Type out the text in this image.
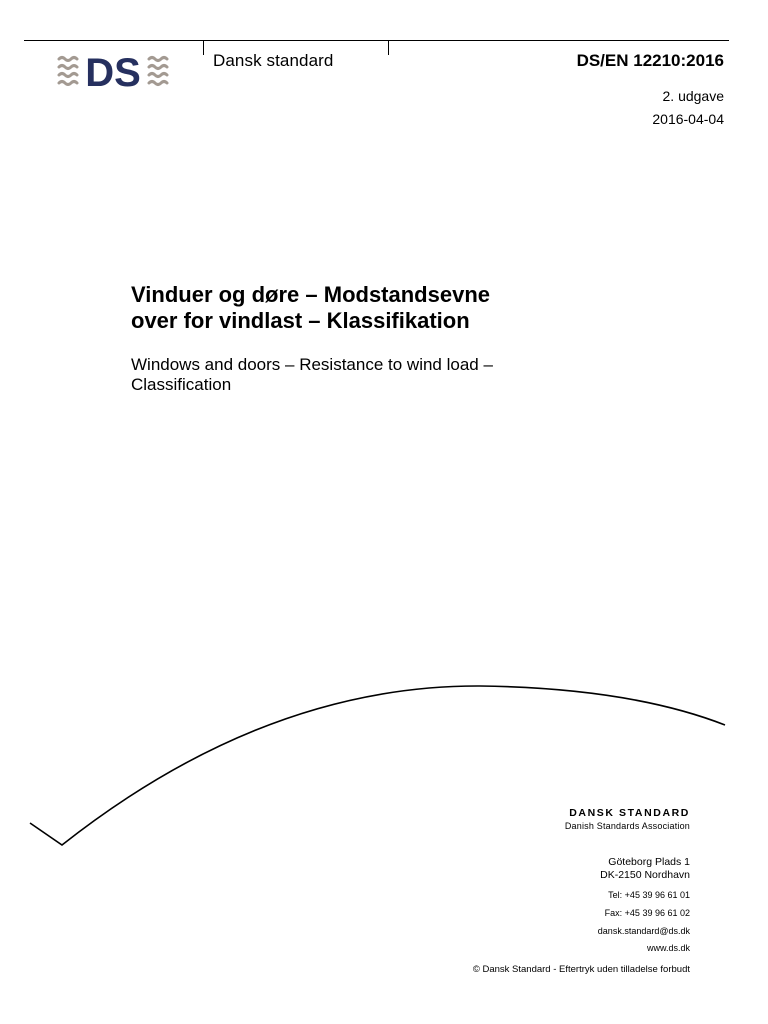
DS	Dansk standard	DS/EN 12210:2016
2. udgave
2016-04-04
Vinduer og døre – Modstandsevne
over for vindlast – Klassifikation
Windows and doors – Resistance to wind load –
Classification
DANSK STANDARD
Danish Standards Association
Göteborg Plads 1
DK-2150 Nordhavn
Tel: +45 39 96 61 01
Fax: +45 39 96 61 02
dansk.standard@ds.dk
www.ds.dk
© Dansk Standard - Eftertryk uden tilladelse forbudt
